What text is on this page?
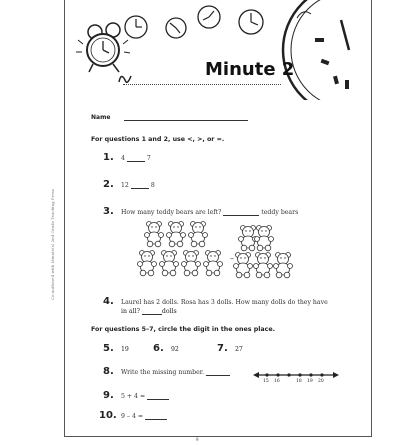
Co-authored with Minute(s) 2nd Grade Teaching Press
Minute 2
Name
For questions 1 and 2, use <, >, or =.
1. 4	7
2. 12	8
3. How many teddy bears are left?	teddy bears
–
4. Laurel has 2 dolls. Rosa has 3 dolls. How many dolls do they have
in all?	dolls
For questions 5–7, circle the digit in the ones place.
5. 19 6. 92	7. 27
8. Write the missing number.
15 16	18 19 20
9. 5 + 4 =
10. 9 – 4 =
9
